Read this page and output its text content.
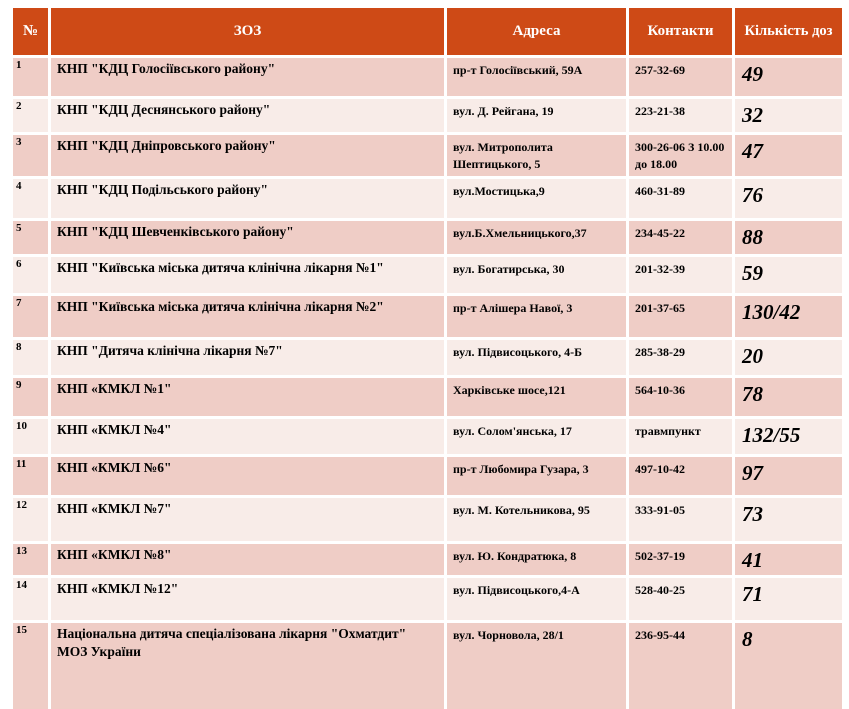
№	ЗОЗ	Адреса	Контакти	Кількість доз
1	КНП "КДЦ Голосіївського району"	пр-т Голосіївський, 59А	257-32-69	49
2	КНП "КДЦ Деснянського району"	вул. Д. Рейгана, 19	223-21-38	32
3	КНП "КДЦ Дніпровського району"	вул. Митрополита Шептицького, 5	300-26-06 З 10.00 до 18.00	47
4	КНП "КДЦ Подільського району"	вул.Мостицька,9	460-31-89	76
5	КНП "КДЦ Шевченківського району"	вул.Б.Хмельницького,37	234-45-22	88
6	КНП "Київська міська дитяча клінічна лікарня №1"	вул. Богатирська, 30	201-32-39	59
7	КНП "Київська міська дитяча клінічна лікарня №2"	пр-т Алішера Навої, 3	201-37-65	130/42
8	КНП "Дитяча клінічна лікарня №7"	вул. Підвисоцького, 4-Б	285-38-29	20
9	КНП «КМКЛ №1"	Харківське шосе,121	564-10-36	78
10	КНП «КМКЛ №4"	вул. Солом'янська, 17	травмпункт	132/55
11	КНП «КМКЛ №6"	пр-т Любомира Гузара, 3	497-10-42	97
12	КНП «КМКЛ №7"	вул. М. Котельникова, 95	333-91-05	73
13	КНП «КМКЛ №8"	вул. Ю. Кондратюка, 8	502-37-19	41
14	КНП «КМКЛ №12"	вул. Підвисоцького,4-А	528-40-25	71
15	Національна дитяча спеціалізована лікарня "Охматдит" МОЗ України	вул. Чорновола, 28/1	236-95-44	8
